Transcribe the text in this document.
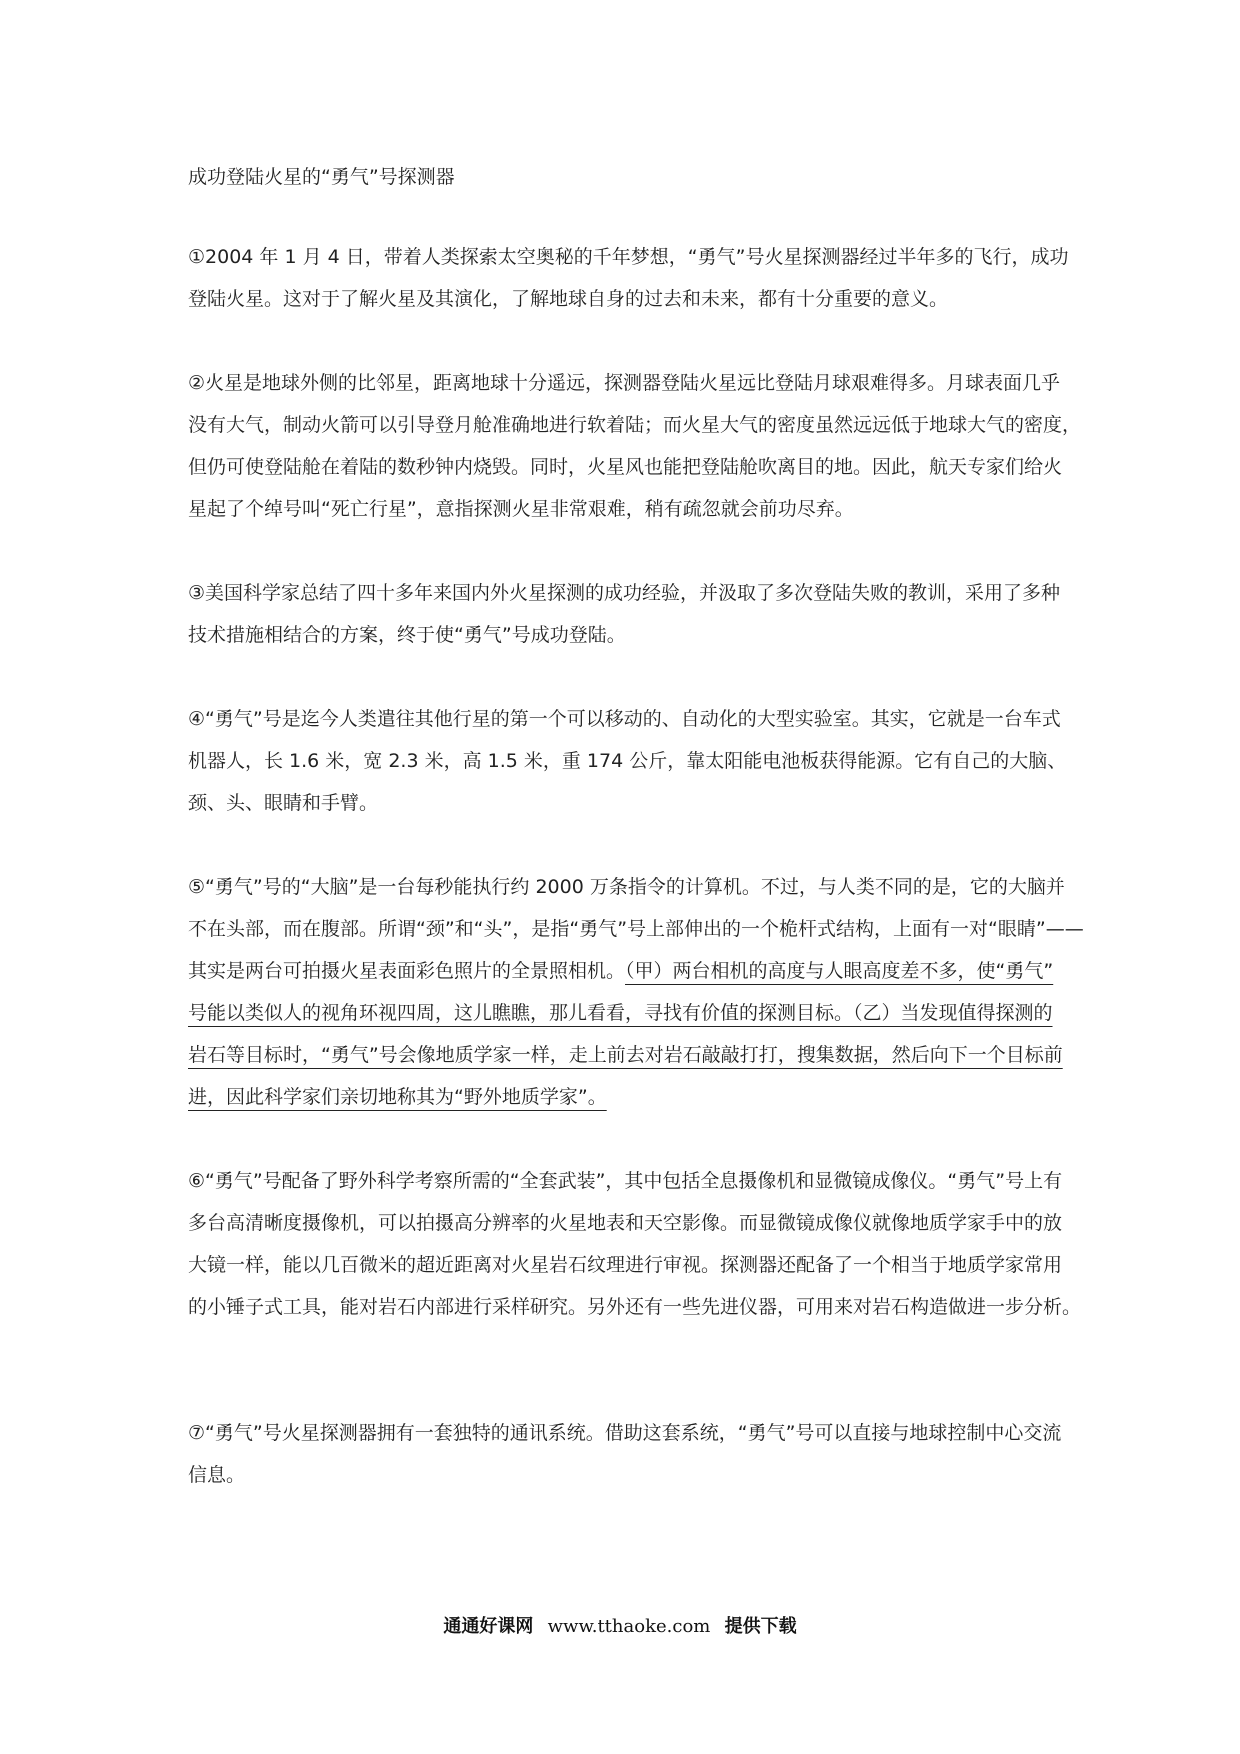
成功登陆火星的“勇气”号探测器
①2004 年 1 月 4 日，带着人类探索太空奥秘的千年梦想，“勇气”号火星探测器经过半年多的飞行，成功
登陆火星。这对于了解火星及其演化，了解地球自身的过去和未来，都有十分重要的意义。
②火星是地球外侧的比邻星，距离地球十分遥远，探测器登陆火星远比登陆月球艰难得多。月球表面几乎
没有大气，制动火箭可以引导登月舱准确地进行软着陆；而火星大气的密度虽然远远低于地球大气的密度，
但仍可使登陆舱在着陆的数秒钟内烧毁。同时，火星风也能把登陆舱吹离目的地。因此，航天专家们给火
星起了个绰号叫“死亡行星”，意指探测火星非常艰难，稍有疏忽就会前功尽弃。
③美国科学家总结了四十多年来国内外火星探测的成功经验，并汲取了多次登陆失败的教训，采用了多种
技术措施相结合的方案，终于使“勇气”号成功登陆。
④“勇气”号是迄今人类遣往其他行星的第一个可以移动的、自动化的大型实验室。其实，它就是一台车式
机器人，长 1.6 米，宽 2.3 米，高 1.5 米，重 174 公斤，靠太阳能电池板获得能源。它有自己的大脑、
颈、头、眼睛和手臂。
⑤“勇气”号的“大脑”是一台每秒能执行约 2000 万条指令的计算机。不过，与人类不同的是，它的大脑并
不在头部，而在腹部。所谓“颈”和“头”，是指“勇气”号上部伸出的一个桅杆式结构，上面有一对“眼睛”——
其实是两台可拍摄火星表面彩色照片的全景照相机。（甲）两台相机的高度与人眼高度差不多，使“勇气”
号能以类似人的视角环视四周，这儿瞧瞧，那儿看看，寻找有价值的探测目标。（乙）当发现值得探测的
岩石等目标时，“勇气”号会像地质学家一样，走上前去对岩石敲敲打打，搜集数据，然后向下一个目标前
进，因此科学家们亲切地称其为“野外地质学家”。
⑥“勇气”号配备了野外科学考察所需的“全套武装”，其中包括全息摄像机和显微镜成像仪。“勇气”号上有
多台高清晰度摄像机，可以拍摄高分辨率的火星地表和天空影像。而显微镜成像仪就像地质学家手中的放
大镜一样，能以几百微米的超近距离对火星岩石纹理进行审视。探测器还配备了一个相当于地质学家常用
的小锤子式工具，能对岩石内部进行采样研究。另外还有一些先进仪器，可用来对岩石构造做进一步分析。
⑦“勇气”号火星探测器拥有一套独特的通讯系统。借助这套系统，“勇气”号可以直接与地球控制中心交流
信息。
通通好课网 www.tthaoke.com 提供下载
